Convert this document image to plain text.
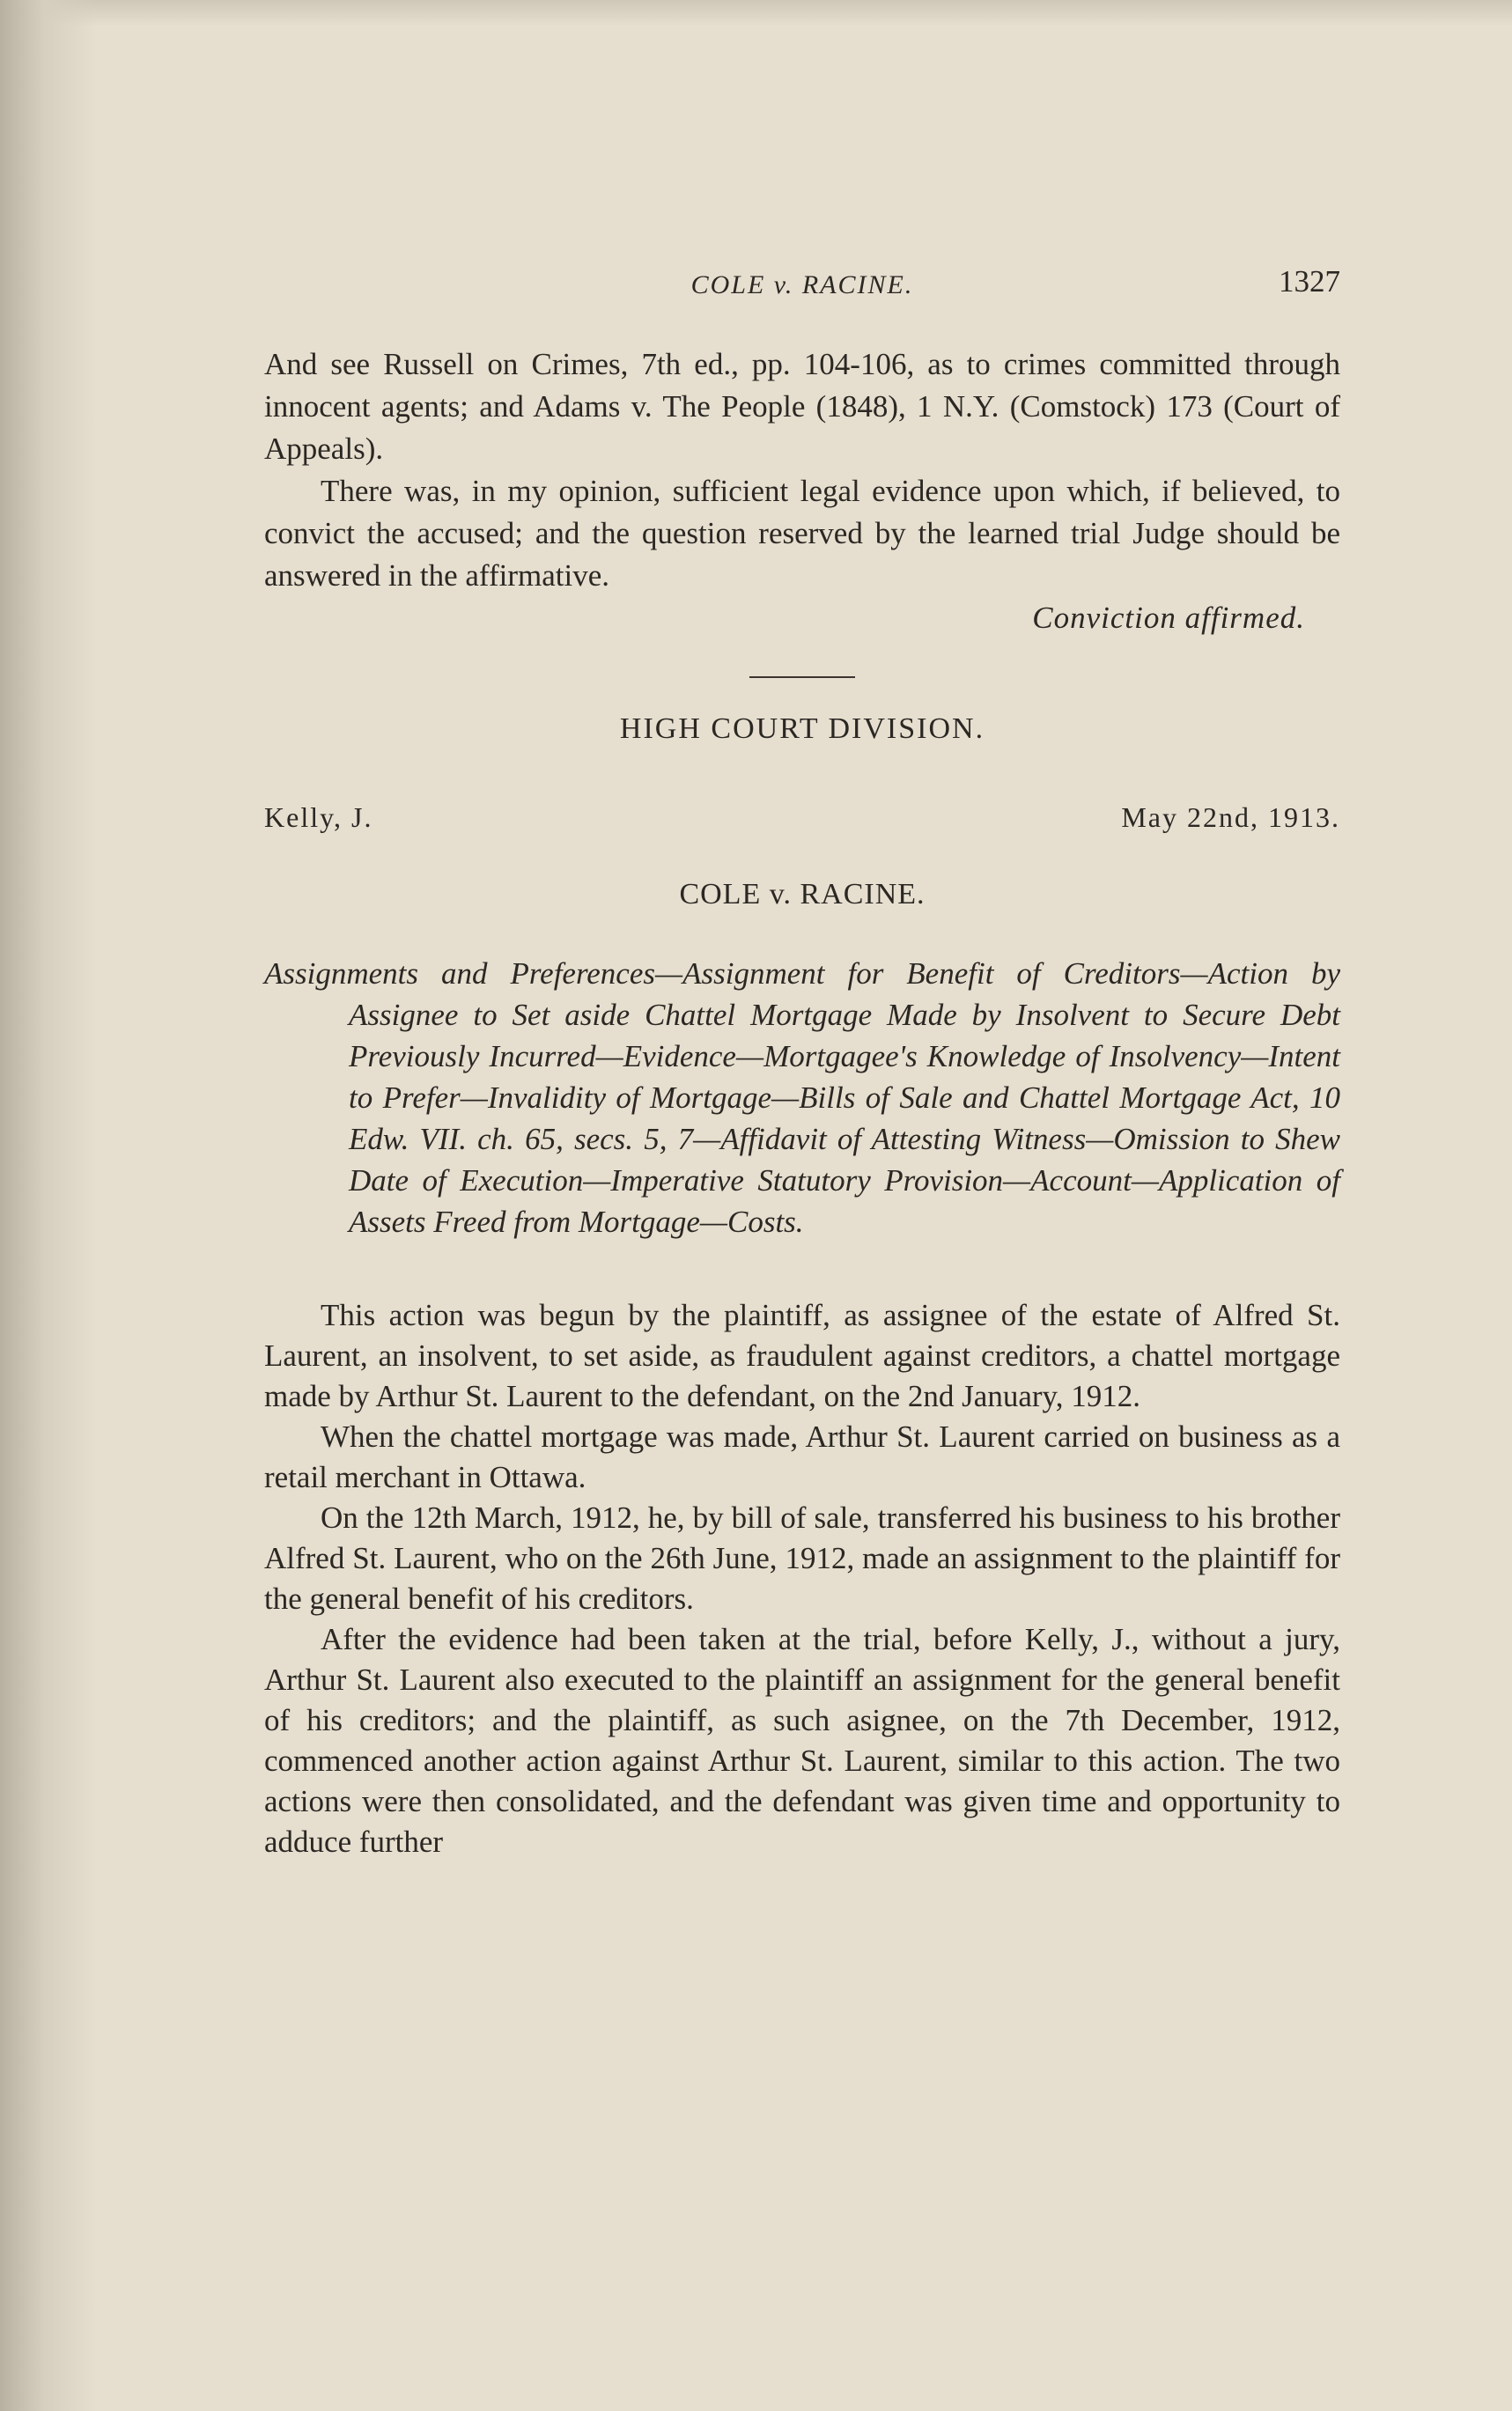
COLE v. RACINE.	1327

And see Russell on Crimes, 7th ed., pp. 104-106, as to crimes committed through innocent agents; and Adams v. The People (1848), 1 N.Y. (Comstock) 173 (Court of Appeals).

There was, in my opinion, sufficient legal evidence upon which, if believed, to convict the accused; and the question reserved by the learned trial Judge should be answered in the affirmative.

Conviction affirmed.

HIGH COURT DIVISION.
Kelly, J.	May 22nd, 1913.
COLE v. RACINE.

Assignments and Preferences—Assignment for Benefit of Creditors—Action by Assignee to Set aside Chattel Mortgage Made by Insolvent to Secure Debt Previously Incurred—Evidence—Mortgagee's Knowledge of Insolvency—Intent to Prefer—Invalidity of Mortgage—Bills of Sale and Chattel Mortgage Act, 10 Edw. VII. ch. 65, secs. 5, 7—Affidavit of Attesting Witness—Omission to Shew Date of Execution—Imperative Statutory Provision—Account—Application of Assets Freed from Mortgage—Costs.

This action was begun by the plaintiff, as assignee of the estate of Alfred St. Laurent, an insolvent, to set aside, as fraudulent against creditors, a chattel mortgage made by Arthur St. Laurent to the defendant, on the 2nd January, 1912.

When the chattel mortgage was made, Arthur St. Laurent carried on business as a retail merchant in Ottawa.

On the 12th March, 1912, he, by bill of sale, transferred his business to his brother Alfred St. Laurent, who on the 26th June, 1912, made an assignment to the plaintiff for the general benefit of his creditors.

After the evidence had been taken at the trial, before Kelly, J., without a jury, Arthur St. Laurent also executed to the plaintiff an assignment for the general benefit of his creditors; and the plaintiff, as such asignee, on the 7th December, 1912, commenced another action against Arthur St. Laurent, similar to this action. The two actions were then consolidated, and the defendant was given time and opportunity to adduce further
